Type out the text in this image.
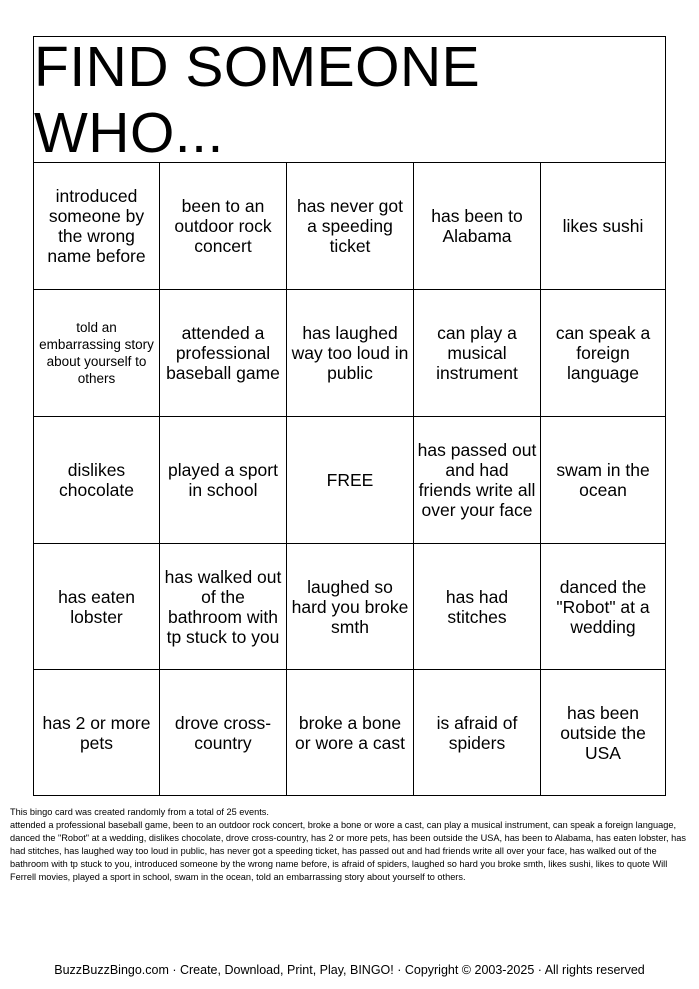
FIND SOMEONE WHO...
introduced someone by the wrong name before
been to an outdoor rock concert
has never got a speeding ticket
has been to Alabama	likes sushi
told an embarrassing story about yourself to others
attended a professional baseball game
has laughed way too loud in public
can play a musical instrument
can speak a foreign language
dislikes chocolate
played a sport in school	FREE
has passed out and had friends write all over your face
swam in the ocean
has eaten lobster
has walked out of the bathroom with tp stuck to you
laughed so hard you broke smth
has had stitches
danced the "Robot" at a wedding
has 2 or more pets
drove cross-country
broke a bone or wore a cast
is afraid of spiders
has been outside the USA
This bingo card was created randomly from a total of 25 events.
attended a professional baseball game, been to an outdoor rock concert, broke a bone or wore a cast, can play a musical instrument, can speak a foreign language, danced the "Robot" at a wedding, dislikes chocolate, drove cross-country, has 2 or more pets, has been outside the USA, has been to Alabama, has eaten lobster, has had stitches, has laughed way too loud in public, has never got a speeding ticket, has passed out and had friends write all over your face, has walked out of the bathroom with tp stuck to you, introduced someone by the wrong name before, is afraid of spiders, laughed so hard you broke smth, likes sushi, likes to quote Will Ferrell movies, played a sport in school, swam in the ocean, told an embarrassing story about yourself to others.
BuzzBuzzBingo.com · Create, Download, Print, Play, BINGO! · Copyright © 2003-2025 · All rights reserved
